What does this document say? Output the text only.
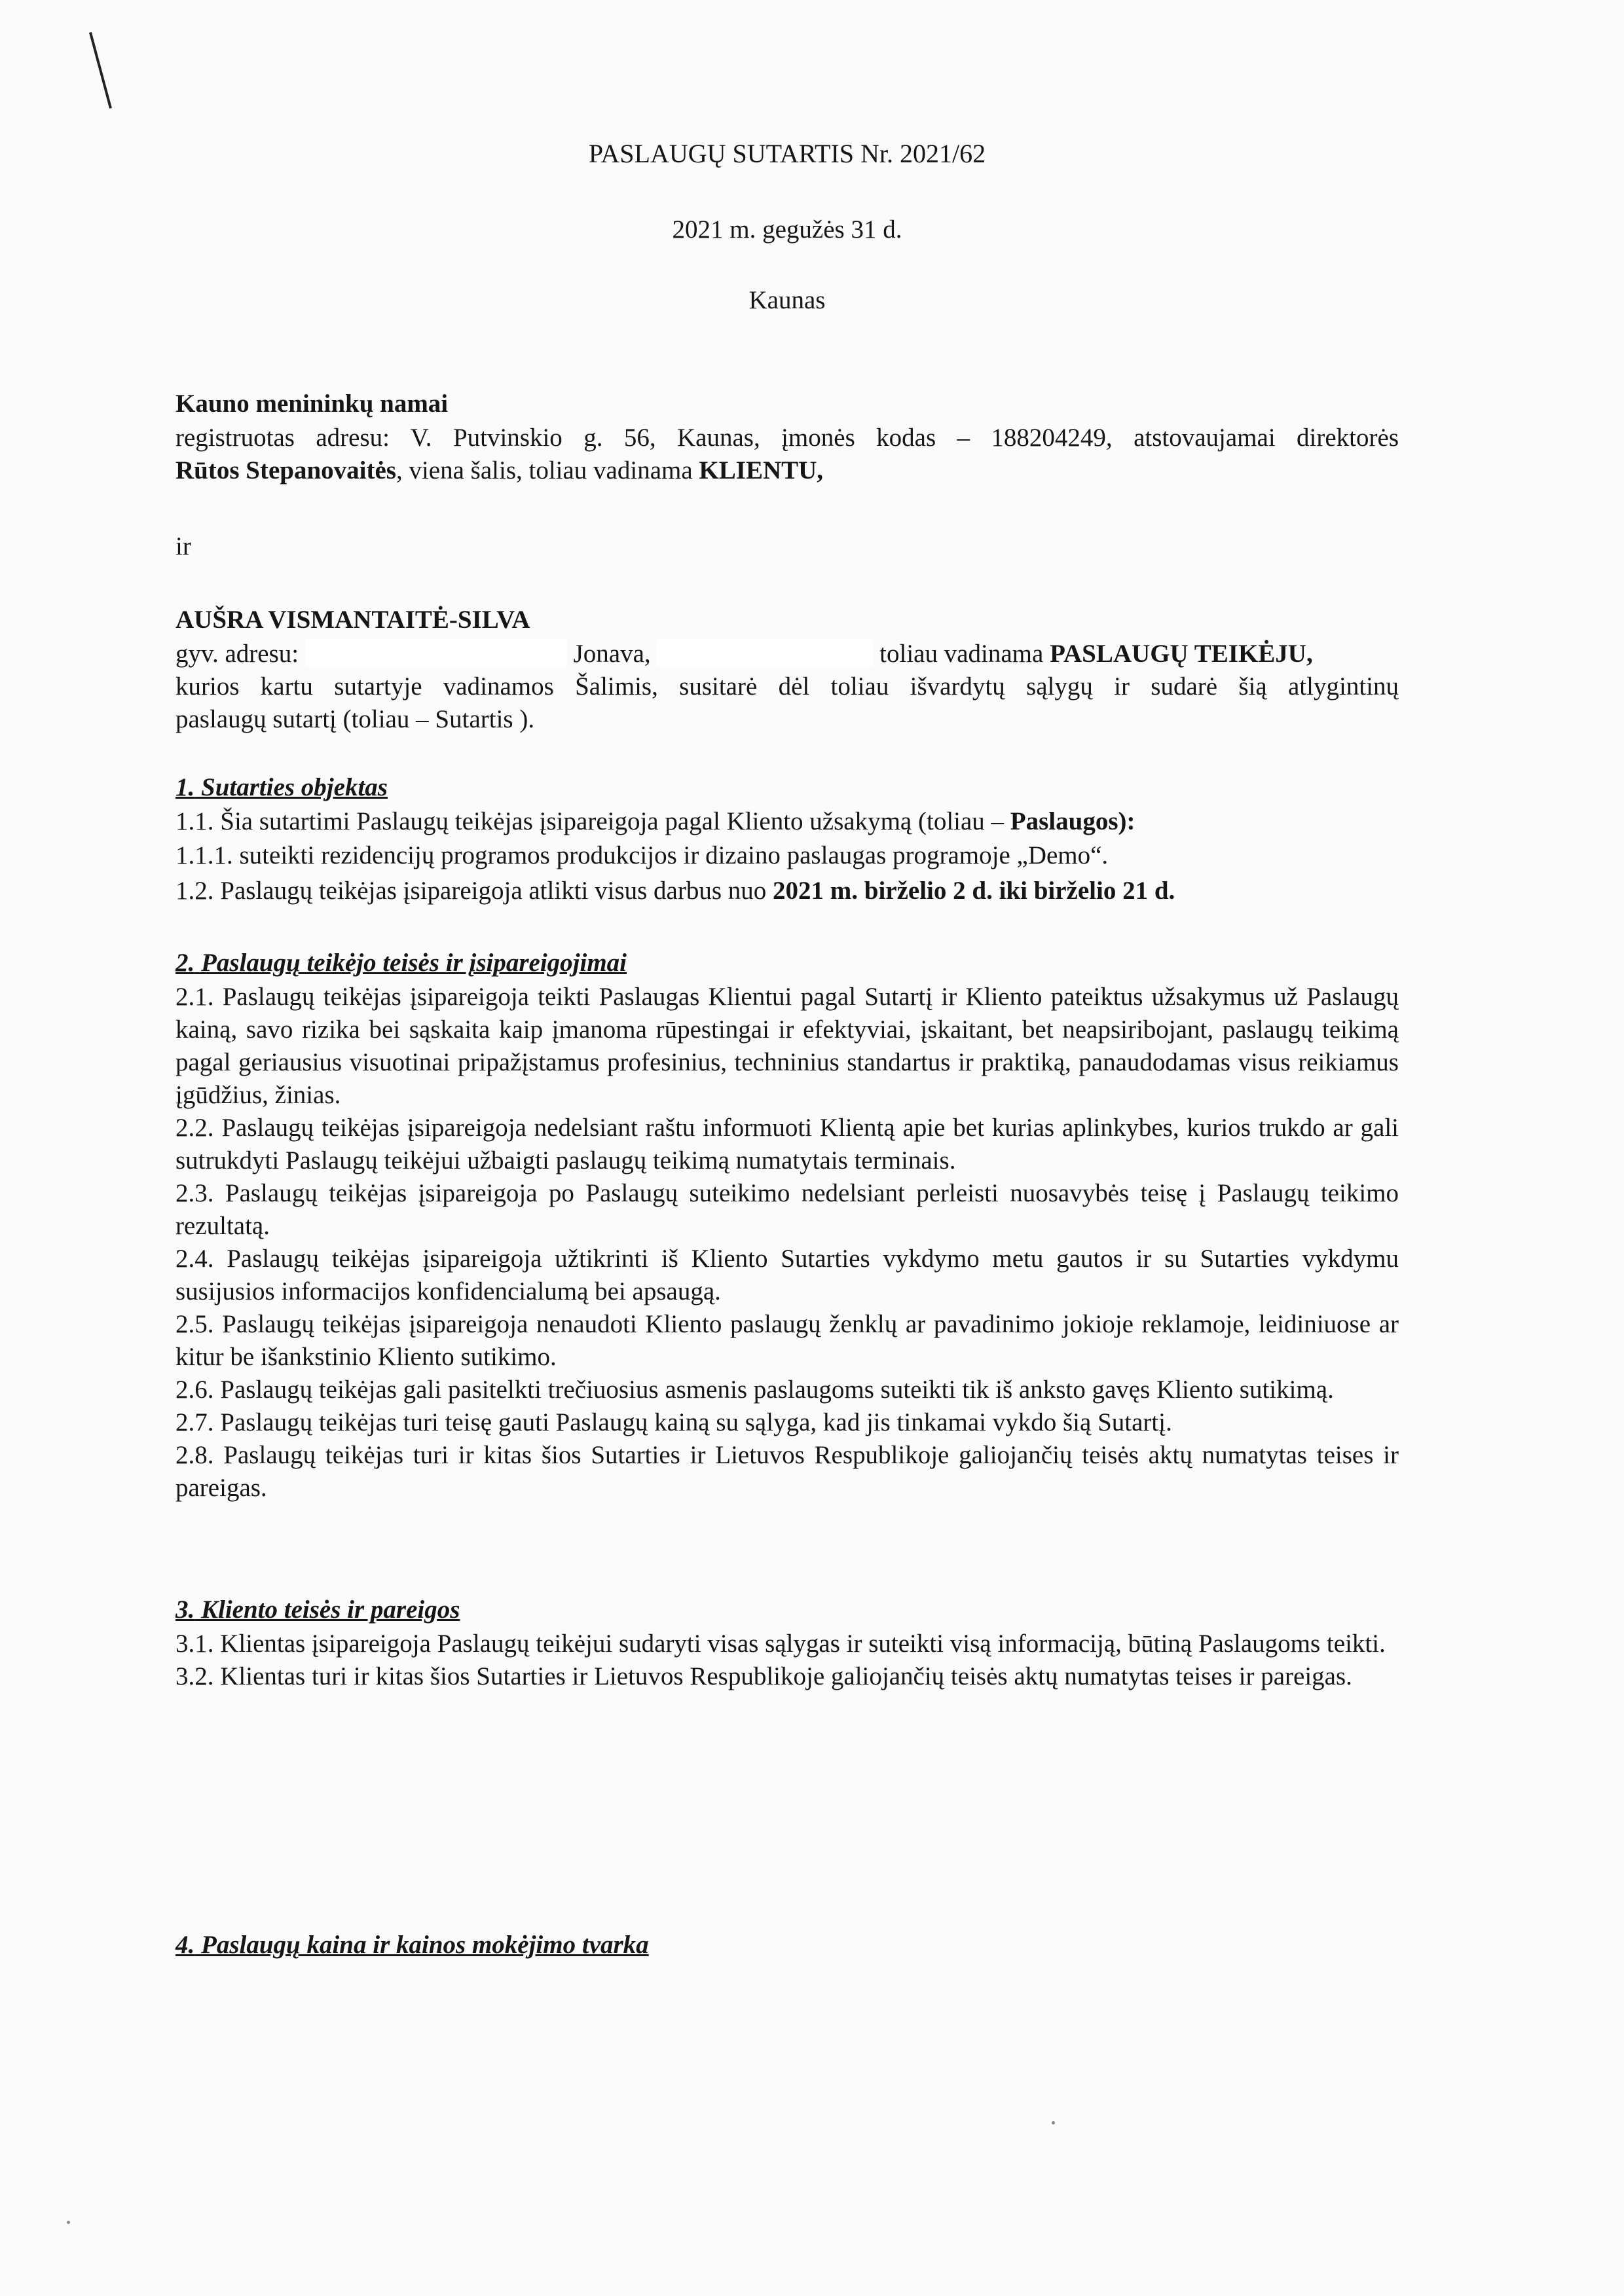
PASLAUGŲ SUTARTIS Nr. 2021/62
2021 m. gegužės 31 d.
Kaunas
Kauno menininkų namai
registruotas adresu: V. Putvinskio g. 56, Kaunas, įmonės kodas – 188204249, atstovaujamai direktorės
Rūtos Stepanovaitės, viena šalis, toliau vadinama KLIENTU,
ir
AUŠRA VISMANTAITĖ-SILVA
gyv. adresu:	Jonava,	toliau vadinama PASLAUGŲ TEIKĖJU,
kurios kartu sutartyje vadinamos Šalimis, susitarė dėl toliau išvardytų sąlygų ir sudarė šią atlygintinų
paslaugų sutartį (toliau – Sutartis ).
1. Sutarties objektas
1.1. Šia sutartimi Paslaugų teikėjas įsipareigoja pagal Kliento užsakymą (toliau – Paslaugos):
1.1.1. suteikti rezidencijų programos produkcijos ir dizaino paslaugas programoje „Demo“.
1.2. Paslaugų teikėjas įsipareigoja atlikti visus darbus nuo 2021 m. birželio 2 d. iki birželio 21 d.
2. Paslaugų teikėjo teisės ir įsipareigojimai

2.1. Paslaugų teikėjas įsipareigoja teikti Paslaugas Klientui pagal Sutartį ir Kliento pateiktus užsakymus už Paslaugų kainą, savo rizika bei sąskaita kaip įmanoma rūpestingai ir efektyviai, įskaitant, bet neapsiribojant, paslaugų teikimą pagal geriausius visuotinai pripažįstamus profesinius, techninius standartus ir praktiką, panaudodamas visus reikiamus įgūdžius, žinias.

2.2. Paslaugų teikėjas įsipareigoja nedelsiant raštu informuoti Klientą apie bet kurias aplinkybes, kurios trukdo ar gali sutrukdyti Paslaugų teikėjui užbaigti paslaugų teikimą numatytais terminais.

2.3. Paslaugų teikėjas įsipareigoja po Paslaugų suteikimo nedelsiant perleisti nuosavybės teisę į Paslaugų teikimo rezultatą.

2.4. Paslaugų teikėjas įsipareigoja užtikrinti iš Kliento Sutarties vykdymo metu gautos ir su Sutarties vykdymu susijusios informacijos konfidencialumą bei apsaugą.

2.5. Paslaugų teikėjas įsipareigoja nenaudoti Kliento paslaugų ženklų ar pavadinimo jokioje reklamoje, leidiniuose ar kitur be išankstinio Kliento sutikimo.

2.6. Paslaugų teikėjas gali pasitelkti trečiuosius asmenis paslaugoms suteikti tik iš anksto gavęs Kliento sutikimą.

2.7. Paslaugų teikėjas turi teisę gauti Paslaugų kainą su sąlyga, kad jis tinkamai vykdo šią Sutartį.

2.8. Paslaugų teikėjas turi ir kitas šios Sutarties ir Lietuvos Respublikoje galiojančių teisės aktų numatytas teises ir pareigas.

3. Kliento teisės ir pareigos

3.1. Klientas įsipareigoja Paslaugų teikėjui sudaryti visas sąlygas ir suteikti visą informaciją, būtiną Paslaugoms teikti.

3.2. Klientas turi ir kitas šios Sutarties ir Lietuvos Respublikoje galiojančių teisės aktų numatytas teises ir pareigas.

4. Paslaugų kaina ir kainos mokėjimo tvarka
